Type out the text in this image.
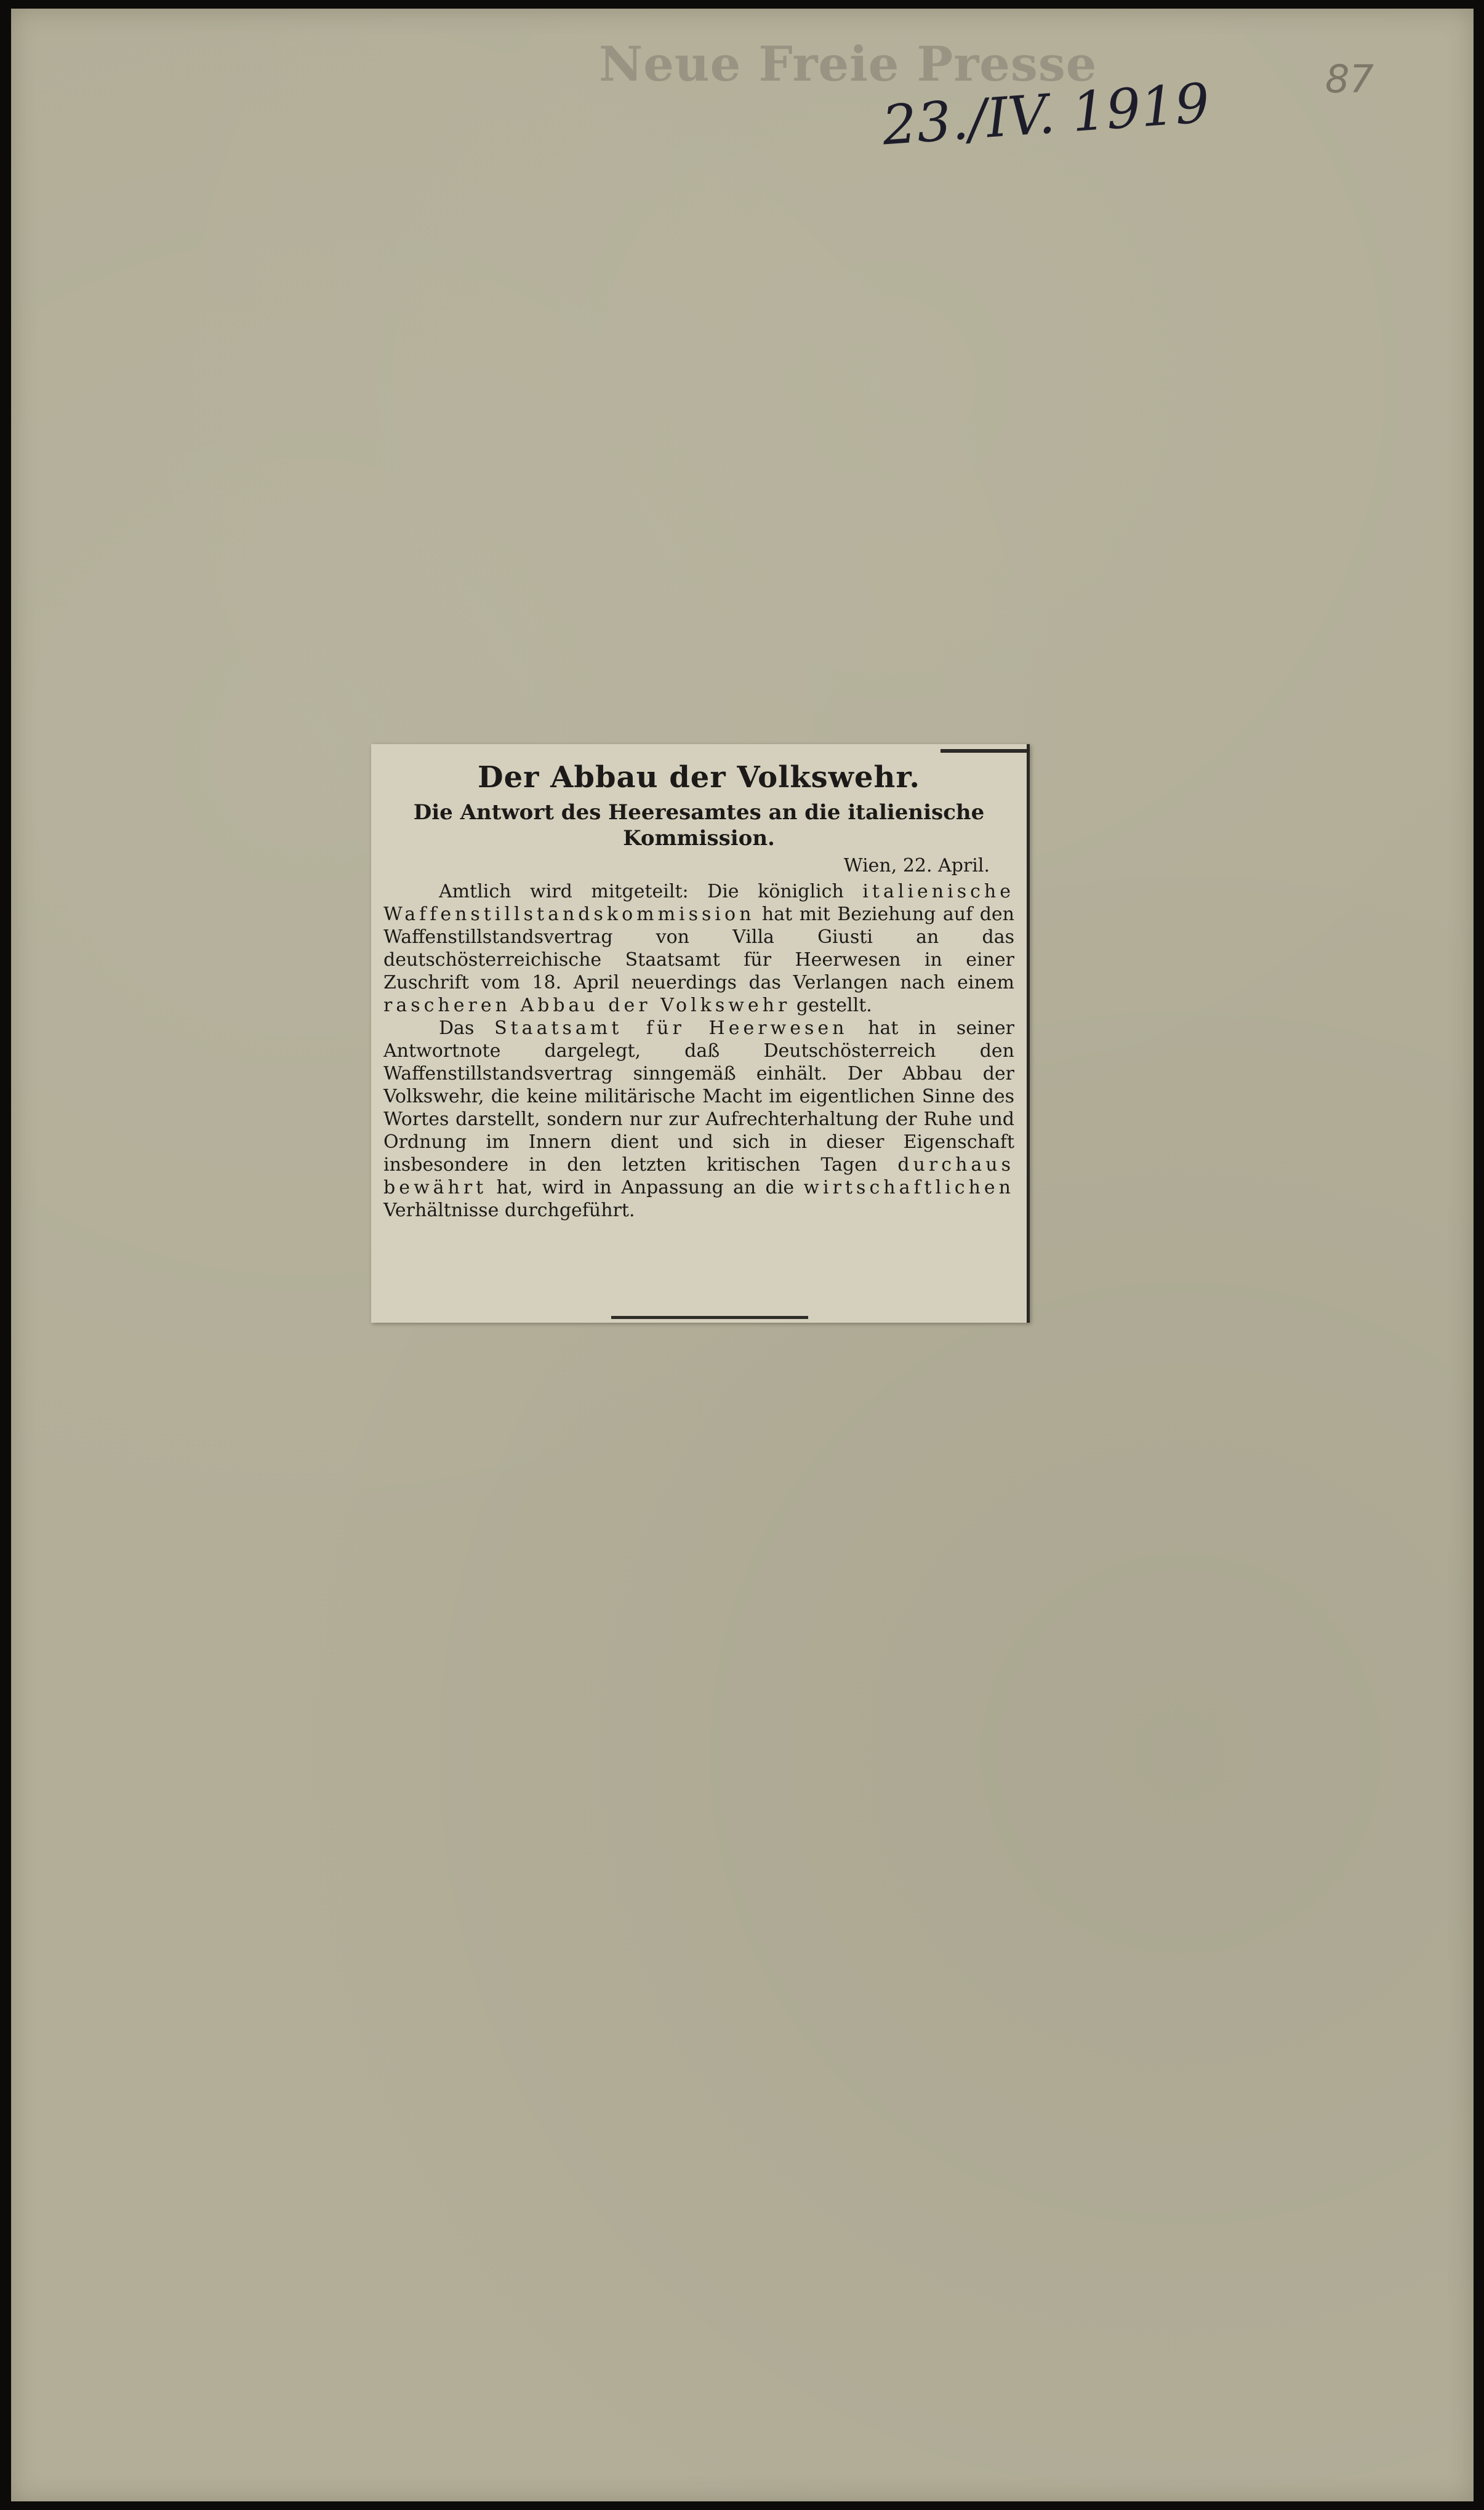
Neue Freie Presse
23./IV. 1919	87
Der Abbau der Volkswehr.
Die Antwort des Heeresamtes an die italienische Kommission.
Wien, 22. April.

Amtlich wird mitgeteilt: Die königlich italienische Waffenstillstandskommission hat mit Beziehung auf den Waffenstillstandsvertrag von Villa Giusti an das deutschösterreichische Staatsamt für Heerwesen in einer Zuschrift vom 18. April neuerdings das Verlangen nach einem rascheren Abbau der Volkswehr gestellt.

Das Staatsamt für Heerwesen hat in seiner Antwortnote dargelegt, daß Deutschösterreich den Waffenstillstandsvertrag sinngemäß einhält. Der Abbau der Volkswehr, die keine militärische Macht im eigentlichen Sinne des Wortes darstellt, sondern nur zur Aufrechterhaltung der Ruhe und Ordnung im Innern dient und sich in dieser Eigenschaft insbesondere in den letzten kritischen Tagen durchaus bewährt hat, wird in Anpassung an die wirtschaftlichen Verhältnisse durchgeführt.
